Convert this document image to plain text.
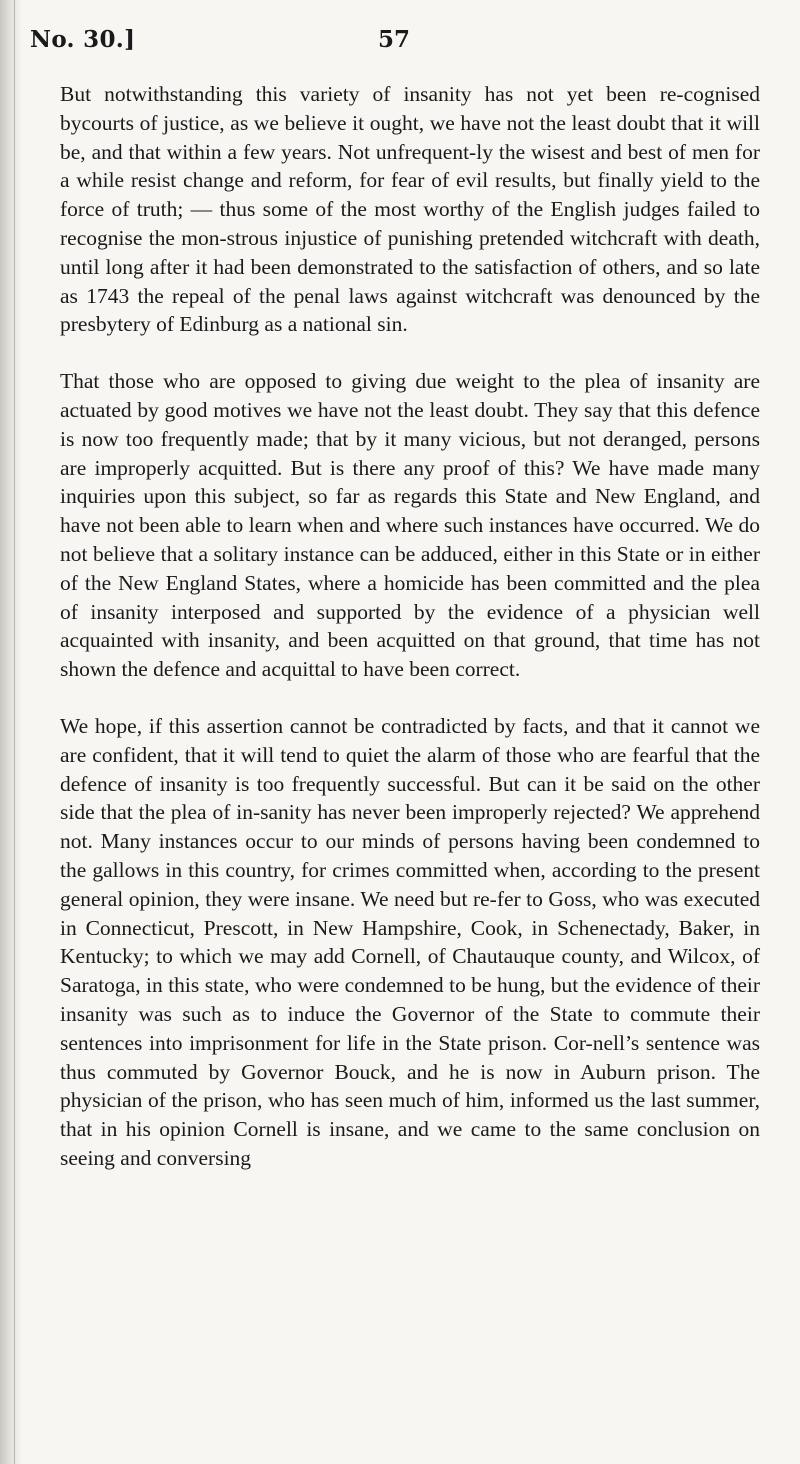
No. 30.]	57

But notwithstanding this variety of insanity has not yet been re-cognised bycourts of justice, as we believe it ought, we have not the least doubt that it will be, and that within a few years. Not unfrequent-ly the wisest and best of men for a while resist change and reform, for fear of evil results, but finally yield to the force of truth; — thus some of the most worthy of the English judges failed to recognise the mon-strous injustice of punishing pretended witchcraft with death, until long after it had been demonstrated to the satisfaction of others, and so late as 1743 the repeal of the penal laws against witchcraft was denounced by the presbytery of Edinburg as a national sin.

That those who are opposed to giving due weight to the plea of insanity are actuated by good motives we have not the least doubt. They say that this defence is now too frequently made; that by it many vicious, but not deranged, persons are improperly acquitted. But is there any proof of this? We have made many inquiries upon this subject, so far as regards this State and New England, and have not been able to learn when and where such instances have occurred. We do not believe that a solitary instance can be adduced, either in this State or in either of the New England States, where a homicide has been committed and the plea of insanity interposed and supported by the evidence of a physician well acquainted with insanity, and been acquitted on that ground, that time has not shown the defence and acquittal to have been correct.

We hope, if this assertion cannot be contradicted by facts, and that it cannot we are confident, that it will tend to quiet the alarm of those who are fearful that the defence of insanity is too frequently successful. But can it be said on the other side that the plea of in-sanity has never been improperly rejected? We apprehend not. Many instances occur to our minds of persons having been condemned to the gallows in this country, for crimes committed when, according to the present general opinion, they were insane. We need but re-fer to Goss, who was executed in Connecticut, Prescott, in New Hampshire, Cook, in Schenectady, Baker, in Kentucky; to which we may add Cornell, of Chautauque county, and Wilcox, of Saratoga, in this state, who were condemned to be hung, but the evidence of their insanity was such as to induce the Governor of the State to commute their sentences into imprisonment for life in the State prison. Cor-nell’s sentence was thus commuted by Governor Bouck, and he is now in Auburn prison. The physician of the prison, who has seen much of him, informed us the last summer, that in his opinion Cornell is insane, and we came to the same conclusion on seeing and conversing
